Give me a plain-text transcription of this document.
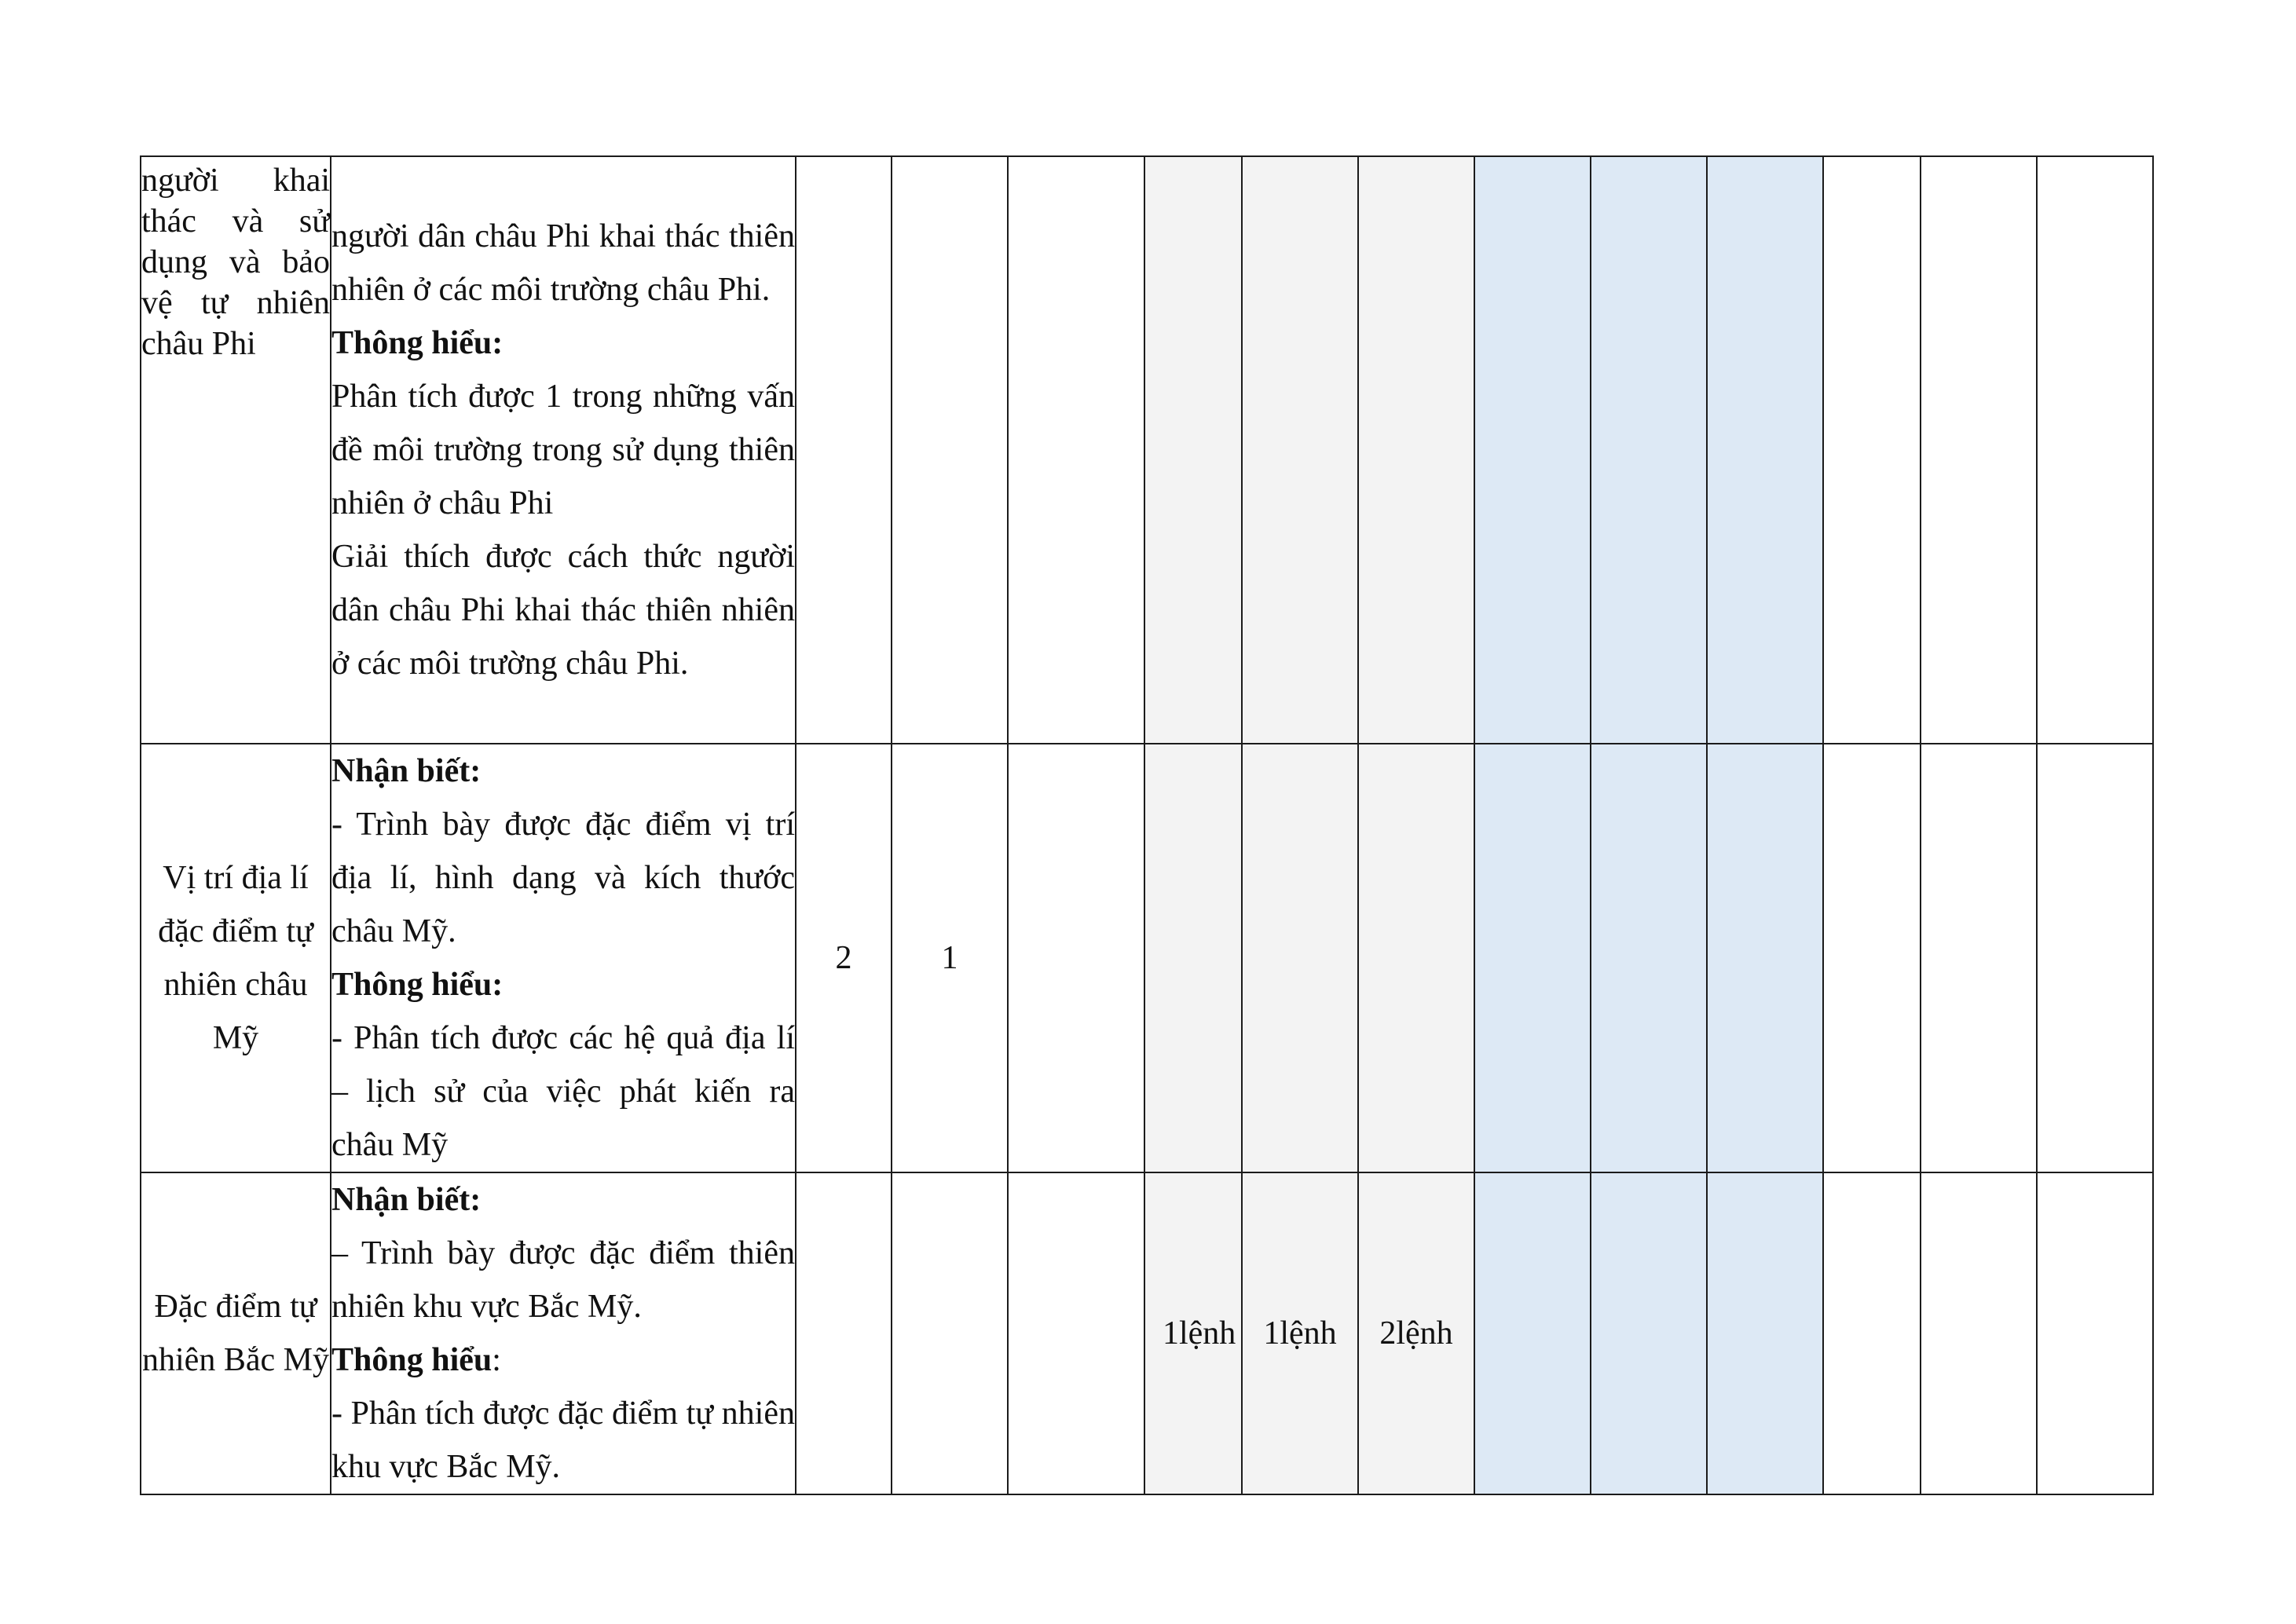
người khai thác và sử dụng và bảo vệ tự nhiên châu Phi	người dân châu Phi khai thác thiên nhiên ở các môi trường châu Phi.

Thông hiểu:

Phân tích được 1 trong những vấn đề môi trường trong sử dụng thiên nhiên ở châu Phi

Giải thích được cách thức người dân châu Phi khai thác thiên nhiên ở các môi trường châu Phi.												

Vị trí địa lí đặc điểm tự nhiên châu Mỹ	Nhận biết:

- Trình bày được đặc điểm vị trí địa lí, hình dạng và kích thước châu Mỹ.

Thông hiểu:

- Phân tích được các hệ quả địa lí – lịch sử của việc phát kiến ra châu Mỹ	2	1										
Đặc điểm tự nhiên Bắc Mỹ	Nhận biết:

– Trình bày được đặc điểm thiên nhiên khu vực Bắc Mỹ.

Thông hiểu:

- Phân tích được đặc điểm tự nhiên khu vực Bắc Mỹ.				1lệnh	1lệnh	2lệnh						
